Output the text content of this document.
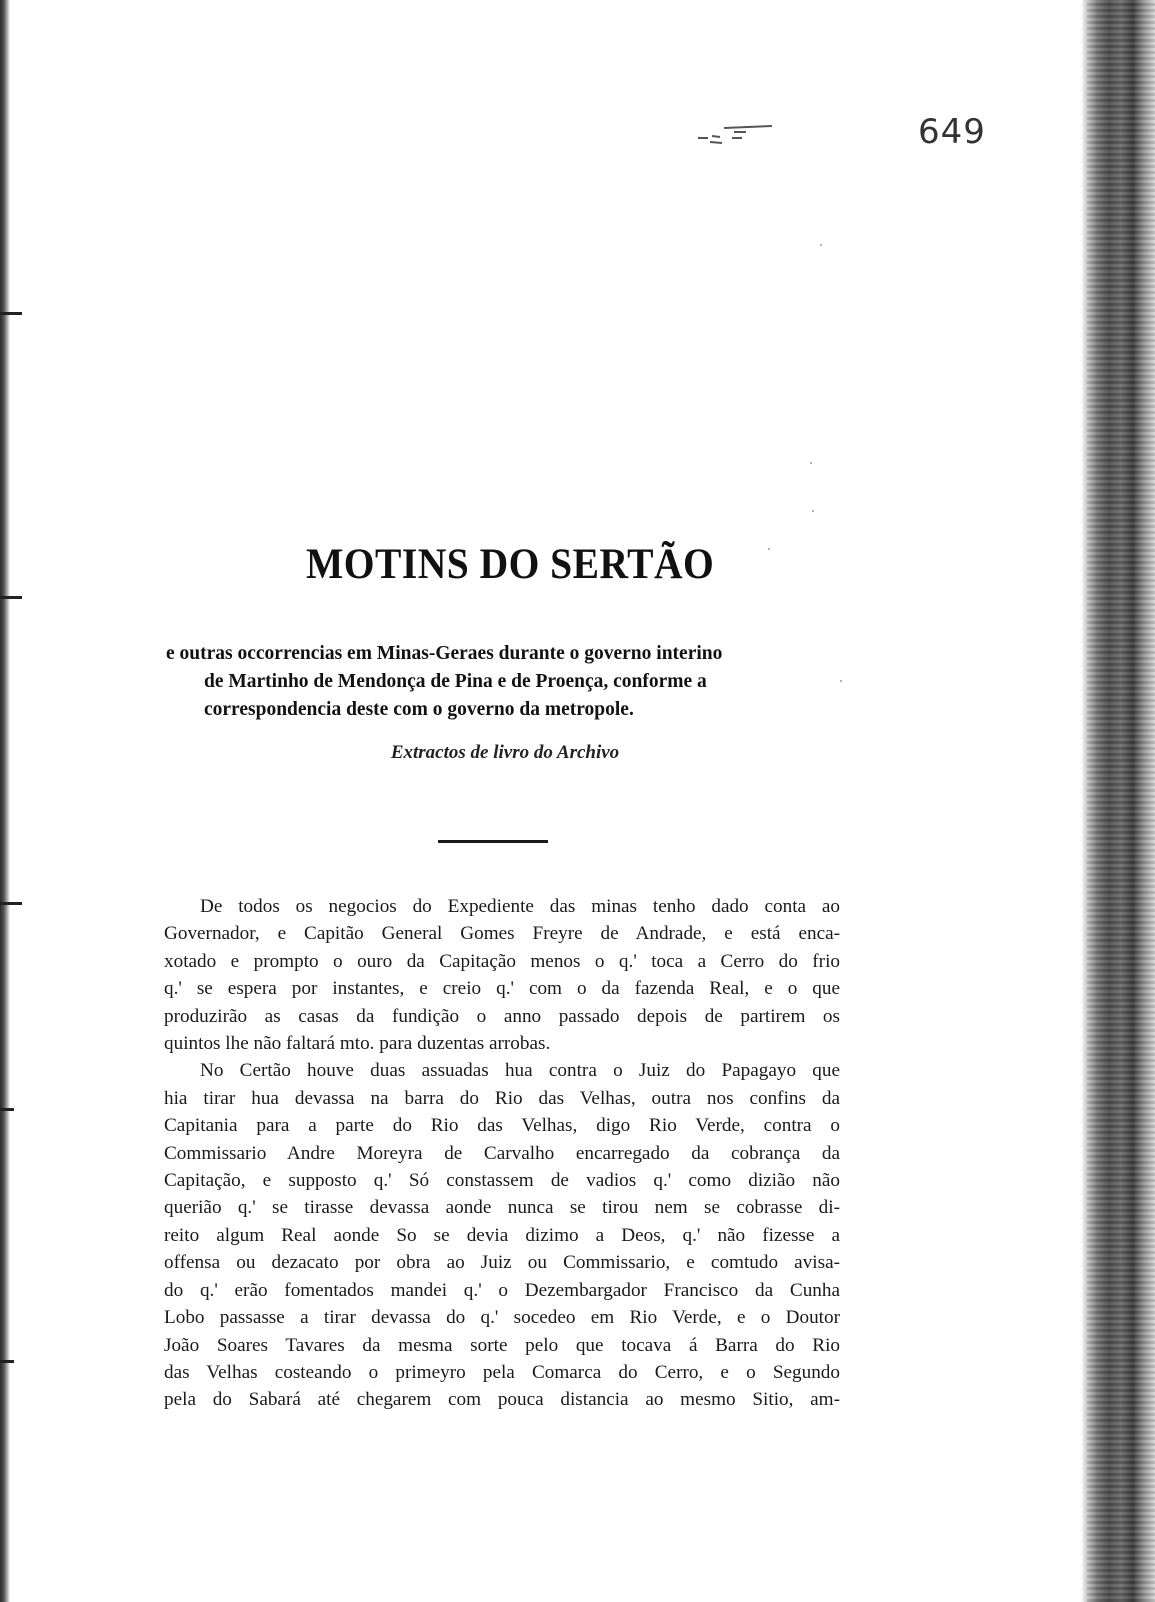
649
MOTINS DO SERTÃO
e outras occorrencias em Minas-Geraes durante o governo interino
de Martinho de Mendonça de Pina e de Proença, conforme a
correspondencia deste com o governo da metropole.
Extractos de livro do Archivo
De todos os negocios do Expediente das minas tenho dado conta ao
Governador, e Capitão General Gomes Freyre de Andrade, e está enca-
xotado e prompto o ouro da Capitação menos o q.' toca a Cerro do frio
q.' se espera por instantes, e creio q.' com o da fazenda Real, e o que
produzirão as casas da fundição o anno passado depois de partirem os
quintos lhe não faltará mto. para duzentas arrobas.
No Certão houve duas assuadas hua contra o Juiz do Papagayo que
hia tirar hua devassa na barra do Rio das Velhas, outra nos confins da
Capitania para a parte do Rio das Velhas, digo Rio Verde, contra o
Commissario Andre Moreyra de Carvalho encarregado da cobrança da
Capitação, e supposto q.' Só constassem de vadios q.' como dizião não
querião q.' se tirasse devassa aonde nunca se tirou nem se cobrasse di-
reito algum Real aonde So se devia dizimo a Deos, q.' não fizesse a
offensa ou dezacato por obra ao Juiz ou Commissario, e comtudo avisa-
do q.' erão fomentados mandei q.' o Dezembargador Francisco da Cunha
Lobo passasse a tirar devassa do q.' socedeo em Rio Verde, e o Doutor
João Soares Tavares da mesma sorte pelo que tocava á Barra do Rio
das Velhas costeando o primeyro pela Comarca do Cerro, e o Segundo
pela do Sabará até chegarem com pouca distancia ao mesmo Sitio, am-
